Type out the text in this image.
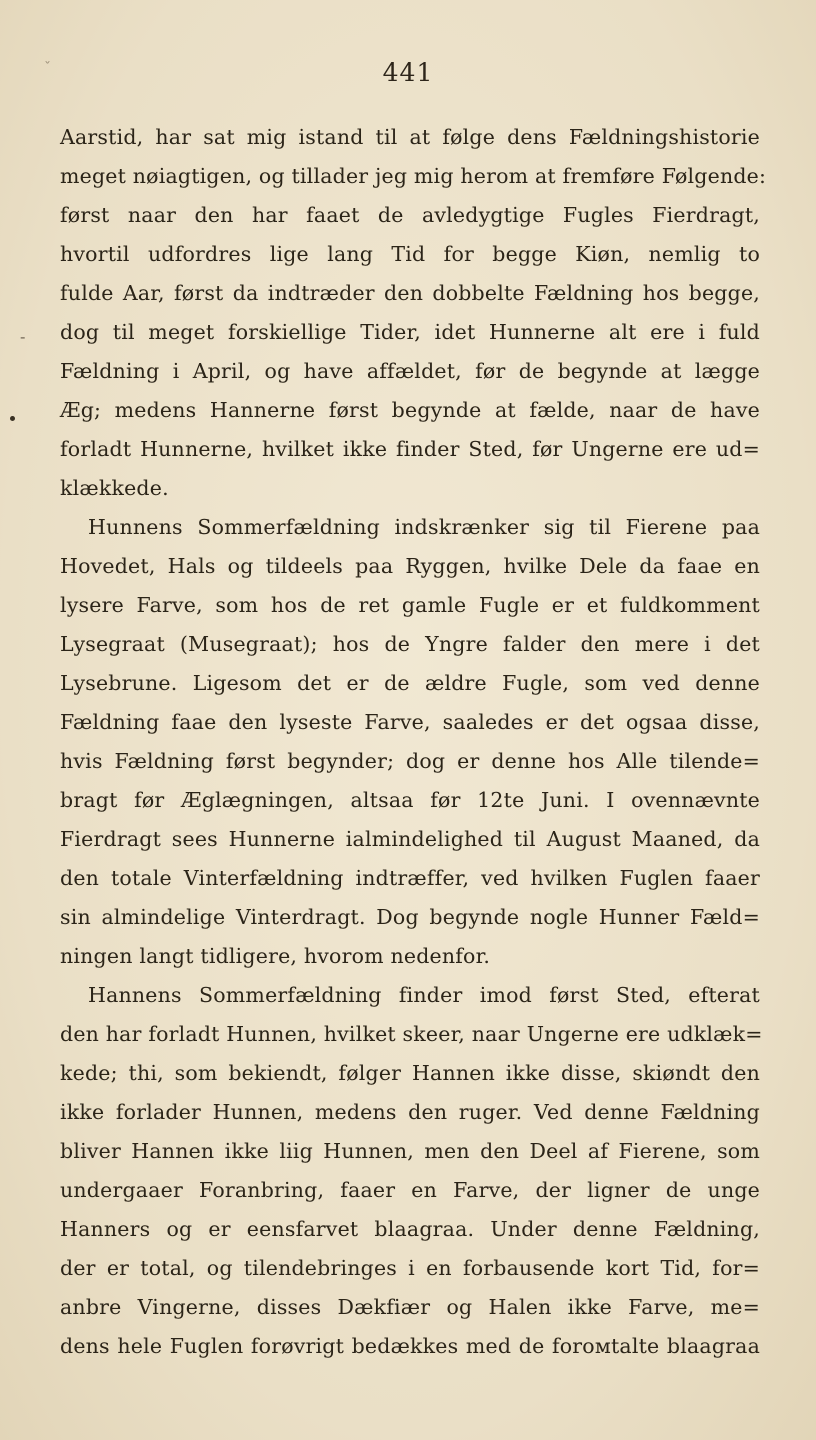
ˇ	441
-
Aarstid, har sat mig istand til at følge dens Fældningshistorie
meget nøiagtigen, og tillader jeg mig herom at fremføre Følgende:
først naar den har faaet de avledygtige Fugles Fierdragt,
hvortil udfordres lige lang Tid for begge Kiøn, nemlig to
fulde Aar, først da indtræder den dobbelte Fældning hos begge,
dog til meget forskiellige Tider, idet Hunnerne alt ere i fuld
Fældning i April, og have affældet, før de begynde at lægge
Æg; medens Hannerne først begynde at fælde, naar de have
forladt Hunnerne, hvilket ikke finder Sted, før Ungerne ere ud=
klækkede.
Hunnens Sommerfældning indskrænker sig til Fierene paa
Hovedet, Hals og tildeels paa Ryggen, hvilke Dele da faae en
lysere Farve, som hos de ret gamle Fugle er et fuldkomment
Lysegraat (Musegraat); hos de Yngre falder den mere i det
Lysebrune. Ligesom det er de ældre Fugle, som ved denne
Fældning faae den lyseste Farve, saaledes er det ogsaa disse,
hvis Fældning først begynder; dog er denne hos Alle tilende=
bragt før Æglægningen, altsaa før 12te Juni. I ovennævnte
Fierdragt sees Hunnerne ialmindelighed til August Maaned, da
den totale Vinterfældning indtræffer, ved hvilken Fuglen faaer
sin almindelige Vinterdragt. Dog begynde nogle Hunner Fæld=
ningen langt tidligere, hvorom nedenfor.
Hannens Sommerfældning finder imod først Sted, efterat
den har forladt Hunnen, hvilket skeer, naar Ungerne ere udklæk=
kede; thi, som bekiendt, følger Hannen ikke disse, skiøndt den
ikke forlader Hunnen, medens den ruger. Ved denne Fældning
bliver Hannen ikke liig Hunnen, men den Deel af Fierene, som
undergaaer Foranbring, faaer en Farve, der ligner de unge
Hanners og er eensfarvet blaagraa. Under denne Fældning,
der er total, og tilendebringes i en forbausende kort Tid, for=
anbre Vingerne, disses Dækfiær og Halen ikke Farve, me=
dens hele Fuglen forøvrigt bedækkes med de forомtalte blaagraa
